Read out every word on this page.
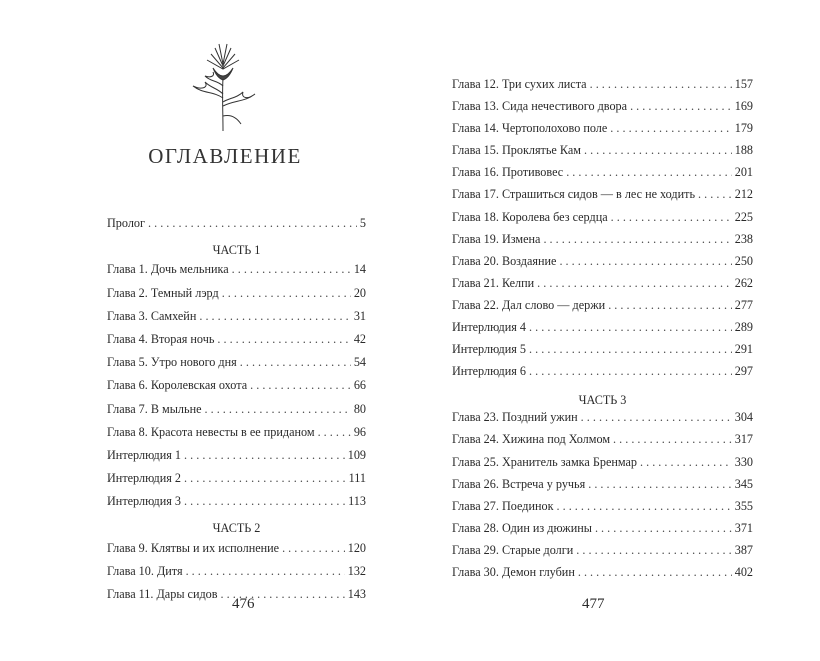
ОГЛАВЛЕНИЕ
Пролог . . .	5
ЧАСТЬ 1
Глава 1. Дочь мельника . . .	14
Глава 2. Темный лэрд . . .	20
Глава 3. Самхейн . . .	31
Глава 4. Вторая ночь . . .	42
Глава 5. Утро нового дня . . .	54
Глава 6. Королевская охота . . .	66
Глава 7. В мыльне . . .	80
Глава 8. Красота невесты в ее приданом . . .	96
Интерлюдия 1 . . .	109
Интерлюдия 2 . . .	111
Интерлюдия 3 . . .	113
ЧАСТЬ 2
Глава 9. Клятвы и их исполнение . . .	120
Глава 10. Дитя . . .	132
Глава 11. Дары сидов . . .	143
476
Глава 12. Три сухих листа . . .	157
Глава 13. Сида нечестивого двора . . .	169
Глава 14. Чертополохово поле . . .	179
Глава 15. Проклятье Кам . . .	188
Глава 16. Противовес . . .	201
Глава 17. Страшиться сидов — в лес не ходить . . .	212
Глава 18. Королева без сердца . . .	225
Глава 19. Измена . . .	238
Глава 20. Воздаяние . . .	250
Глава 21. Келпи . . .	262
Глава 22. Дал слово — держи . . .	277
Интерлюдия 4 . . .	289
Интерлюдия 5 . . .	291
Интерлюдия 6 . . .	297
ЧАСТЬ 3
Глава 23. Поздний ужин . . .	304
Глава 24. Хижина под Холмом . . .	317
Глава 25. Хранитель замка Бренмар . . .	330
Глава 26. Встреча у ручья . . .	345
Глава 27. Поединок . . .	355
Глава 28. Один из дюжины . . .	371
Глава 29. Старые долги . . .	387
Глава 30. Демон глубин . . .	402
477
